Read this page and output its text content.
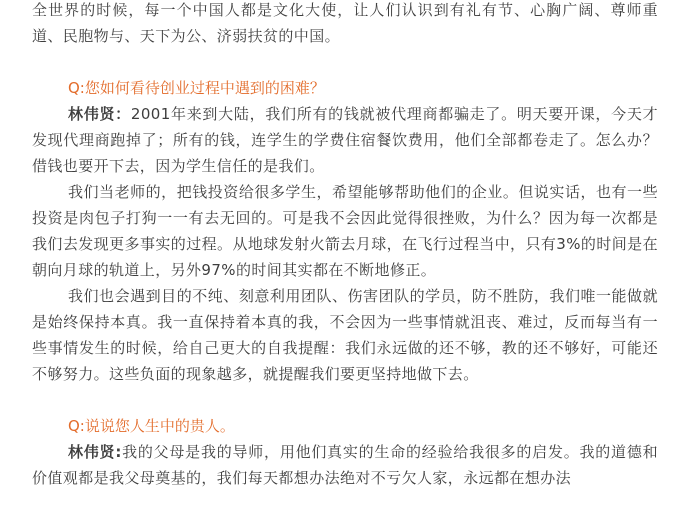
全世界的时候，每一个中国人都是文化大使，让人们认识到有礼有节、心胸广阔、尊师重道、民胞物与、天下为公、济弱扶贫的中国。

Q:您如何看待创业过程中遇到的困难？

林伟贤：2001年来到大陆，我们所有的钱就被代理商都骗走了。明天要开课，今天才发现代理商跑掉了；所有的钱，连学生的学费住宿餐饮费用，他们全部都卷走了。怎么办？借钱也要开下去，因为学生信任的是我们。

我们当老师的，把钱投资给很多学生，希望能够帮助他们的企业。但说实话，也有一些投资是肉包子打狗一一有去无回的。可是我不会因此觉得很挫败，为什么？因为每一次都是我们去发现更多事实的过程。从地球发射火箭去月球，在飞行过程当中，只有3%的时间是在朝向月球的轨道上，另外97%的时间其实都在不断地修正。

我们也会遇到目的不纯、刻意利用团队、伤害团队的学员，防不胜防，我们唯一能做就是始终保持本真。我一直保持着本真的我，不会因为一些事情就沮丧、难过，反而每当有一些事情发生的时候，给自己更大的自我提醒：我们永远做的还不够，教的还不够好，可能还不够努力。这些负面的现象越多，就提醒我们要更坚持地做下去。

Q:说说您人生中的贵人。

林伟贤:我的父母是我的导师，用他们真实的生命的经验给我很多的启发。我的道德和价值观都是我父母奠基的，我们每天都想办法绝对不亏欠人家，永远都在想办法
